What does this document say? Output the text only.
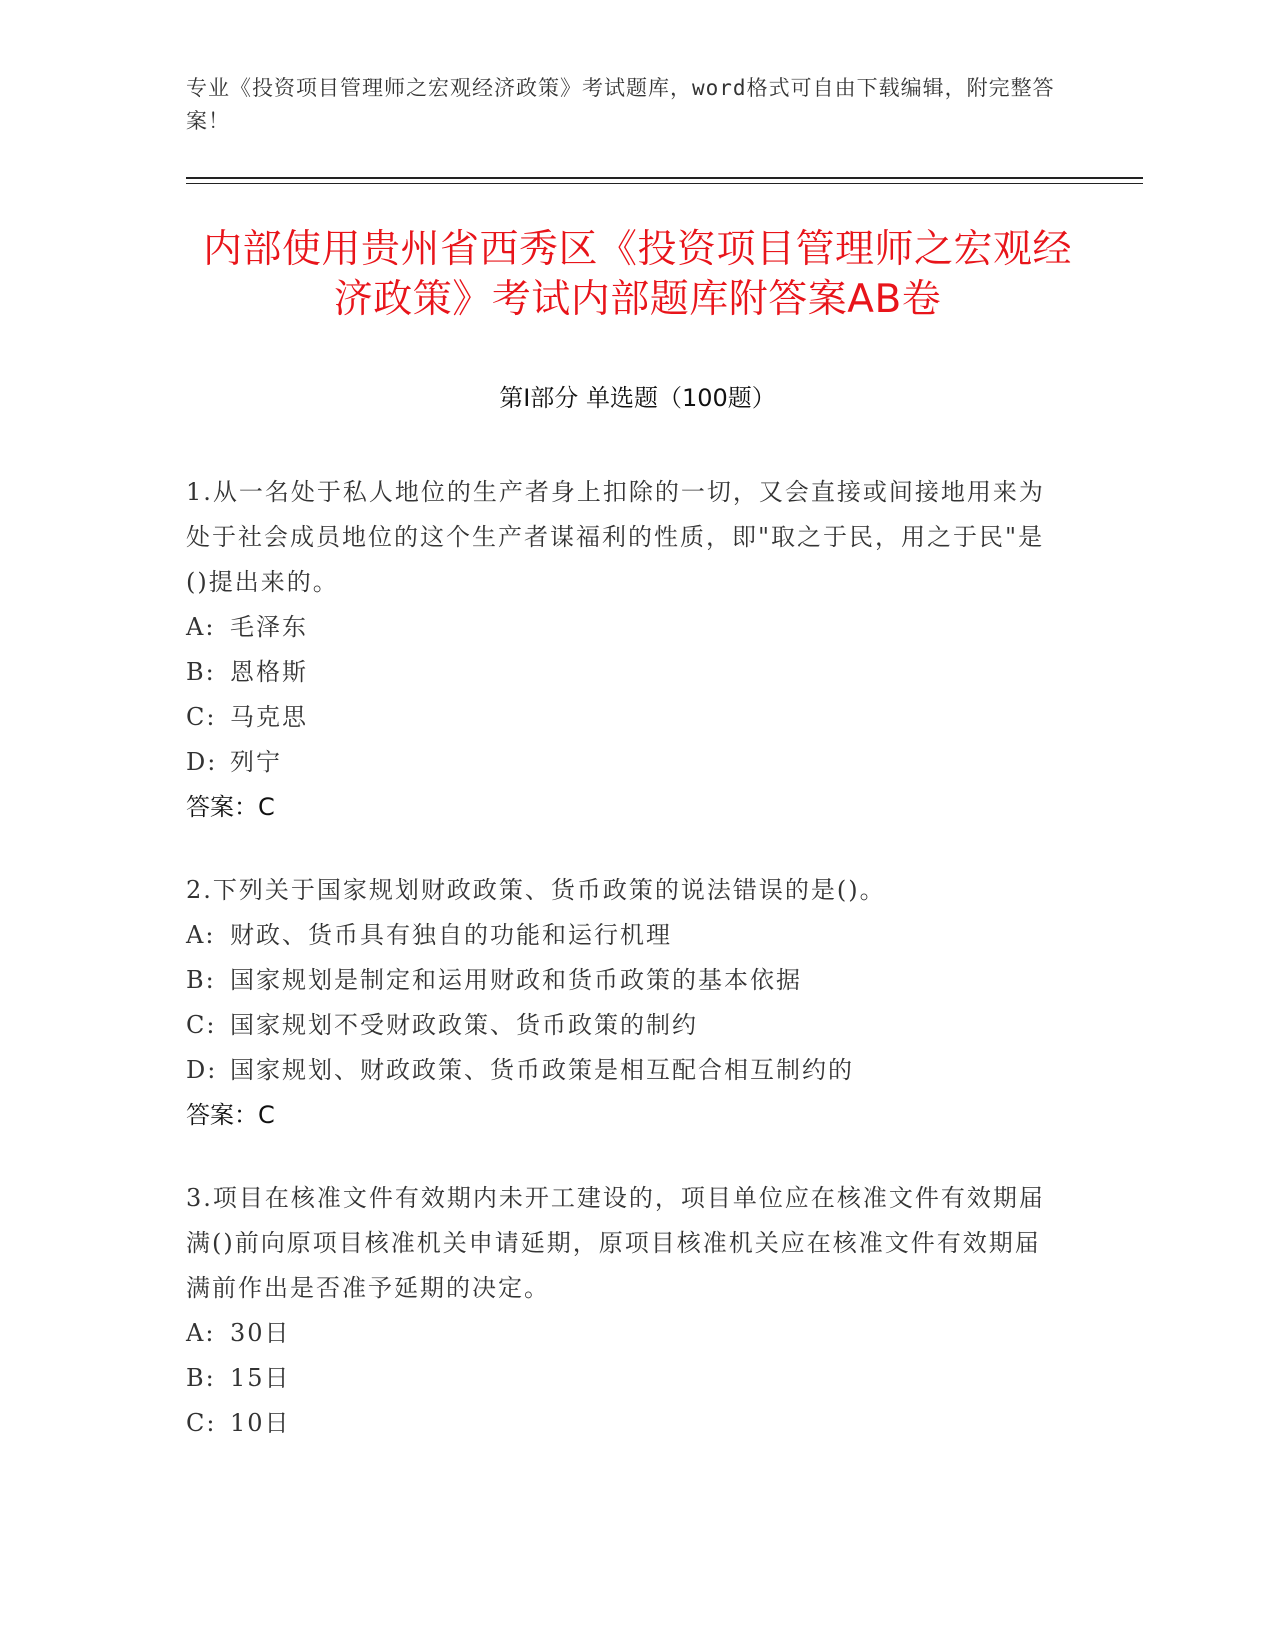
专业《投资项目管理师之宏观经济政策》考试题库，word格式可自由下载编辑，附完整答案！
内部使用贵州省西秀区《投资项目管理师之宏观经济政策》考试内部题库附答案AB卷
第Ⅰ部分 单选题（100题）
1.从一名处于私人地位的生产者身上扣除的一切，又会直接或间接地用来为处于社会成员地位的这个生产者谋福利的性质，即"取之于民，用之于民"是()提出来的。
A: 毛泽东
B: 恩格斯
C: 马克思
D: 列宁
答案：C
2.下列关于国家规划财政政策、货币政策的说法错误的是()。
A: 财政、货币具有独自的功能和运行机理
B: 国家规划是制定和运用财政和货币政策的基本依据
C: 国家规划不受财政政策、货币政策的制约
D: 国家规划、财政政策、货币政策是相互配合相互制约的
答案：C
3.项目在核准文件有效期内未开工建设的，项目单位应在核准文件有效期届满()前向原项目核准机关申请延期，原项目核准机关应在核准文件有效期届满前作出是否准予延期的决定。
A: 30日
B: 15日
C: 10日
